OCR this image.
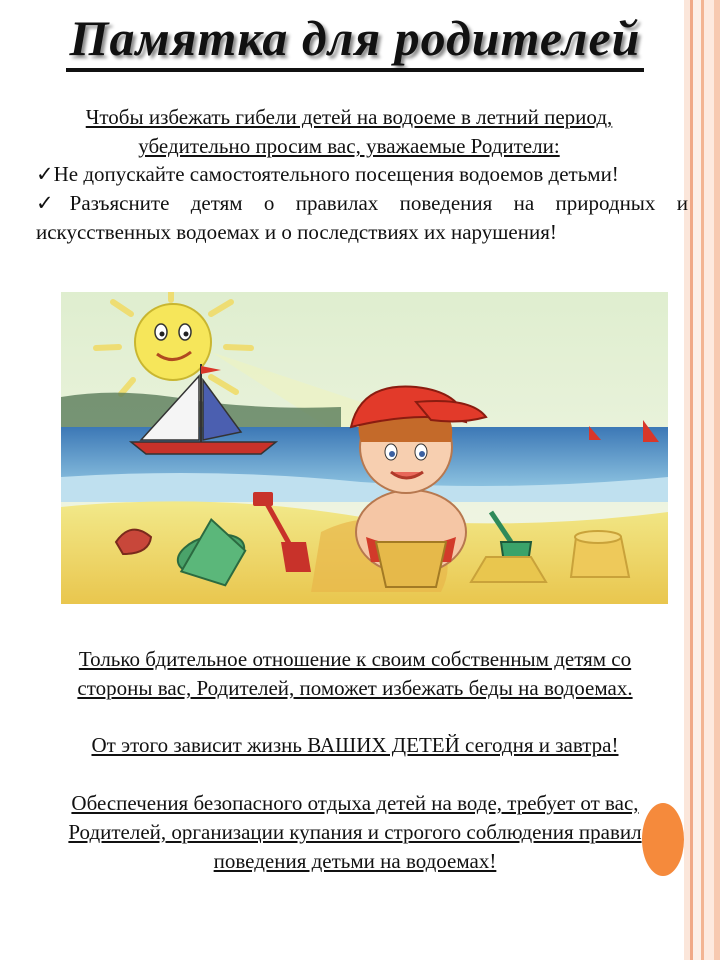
Памятка для родителей
Чтобы избежать гибели детей на водоеме в летний период,
убедительно просим вас, уважаемые Родители:

✓Не допускайте самостоятельного посещения водоемов детьми!

✓Разъясните детям о правилах поведения на природных и искусственных водоемах и о последствиях их нарушения!

Только бдительное отношение к своим собственным детям со
стороны вас, Родителей, поможет избежать беды на водоемах.
От этого зависит жизнь ВАШИХ ДЕТЕЙ сегодня и завтра!
Обеспечения безопасного отдыха детей на воде, требует от вас,
Родителей, организации купания и строгого соблюдения правил
поведения детьми на водоемах!
